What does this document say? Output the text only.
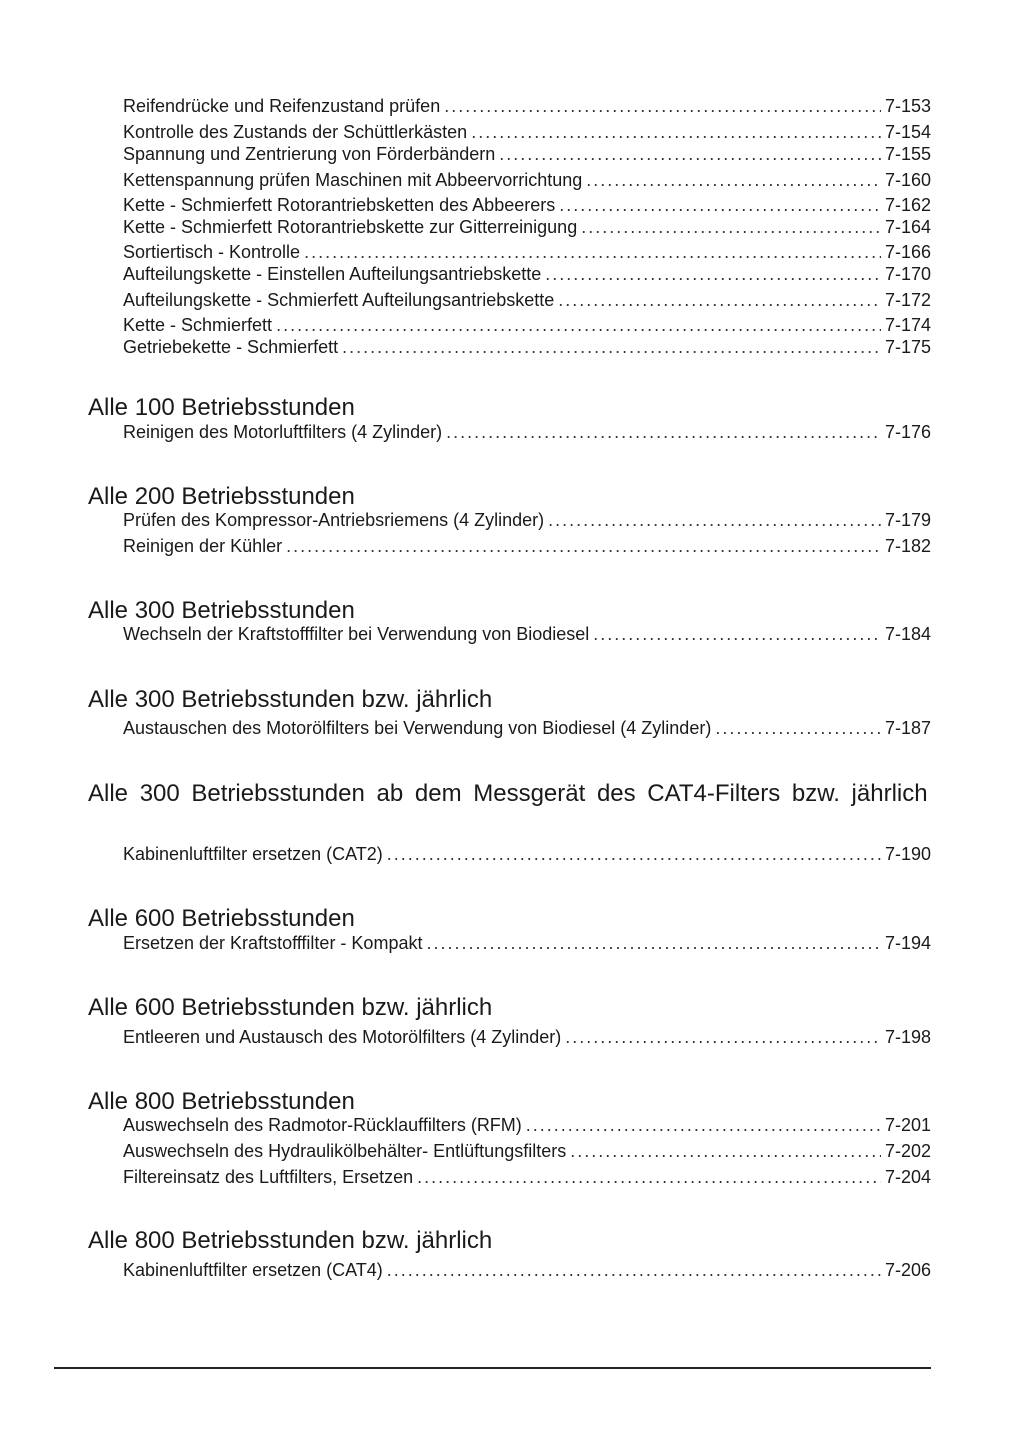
Reifendrücke und Reifenzustand prüfen .....	7-153
Kontrolle des Zustands der Schüttlerkästen .....	7-154
Spannung und Zentrierung von Förderbändern .....	7-155
Kettenspannung prüfen Maschinen mit Abbeervorrichtung .....	7-160
Kette - Schmierfett Rotorantriebsketten des Abbeerers .....	7-162
Kette - Schmierfett Rotorantriebskette zur Gitterreinigung .....	7-164
Sortiertisch - Kontrolle .....	7-166
Aufteilungskette - Einstellen Aufteilungsantriebskette .....	7-170
Aufteilungskette - Schmierfett Aufteilungsantriebskette .....	7-172
Kette - Schmierfett .....	7-174
Getriebekette - Schmierfett .....	7-175
Alle 100 Betriebsstunden
Reinigen des Motorluftfilters (4 Zylinder) .....	7-176
Alle 200 Betriebsstunden
Prüfen des Kompressor-Antriebsriemens (4 Zylinder) .....	7-179
Reinigen der Kühler .....	7-182
Alle 300 Betriebsstunden
Wechseln der Kraftstofffilter bei Verwendung von Biodiesel .....	7-184
Alle 300 Betriebsstunden bzw. jährlich
Austauschen des Motorölfilters bei Verwendung von Biodiesel (4 Zylinder) .....	7-187
Alle 300 Betriebsstunden ab dem Messgerät des CAT4-Filters bzw. jährlich
Kabinenluftfilter ersetzen (CAT2) .....	7-190
Alle 600 Betriebsstunden
Ersetzen der Kraftstofffilter - Kompakt .....	7-194
Alle 600 Betriebsstunden bzw. jährlich
Entleeren und Austausch des Motorölfilters (4 Zylinder) .....	7-198
Alle 800 Betriebsstunden
Auswechseln des Radmotor-Rücklauffilters (RFM) .....	7-201
Auswechseln des Hydraulikölbehälter- Entlüftungsfilters .....	7-202
Filtereinsatz des Luftfilters, Ersetzen .....	7-204
Alle 800 Betriebsstunden bzw. jährlich
Kabinenluftfilter ersetzen (CAT4) .....	7-206
